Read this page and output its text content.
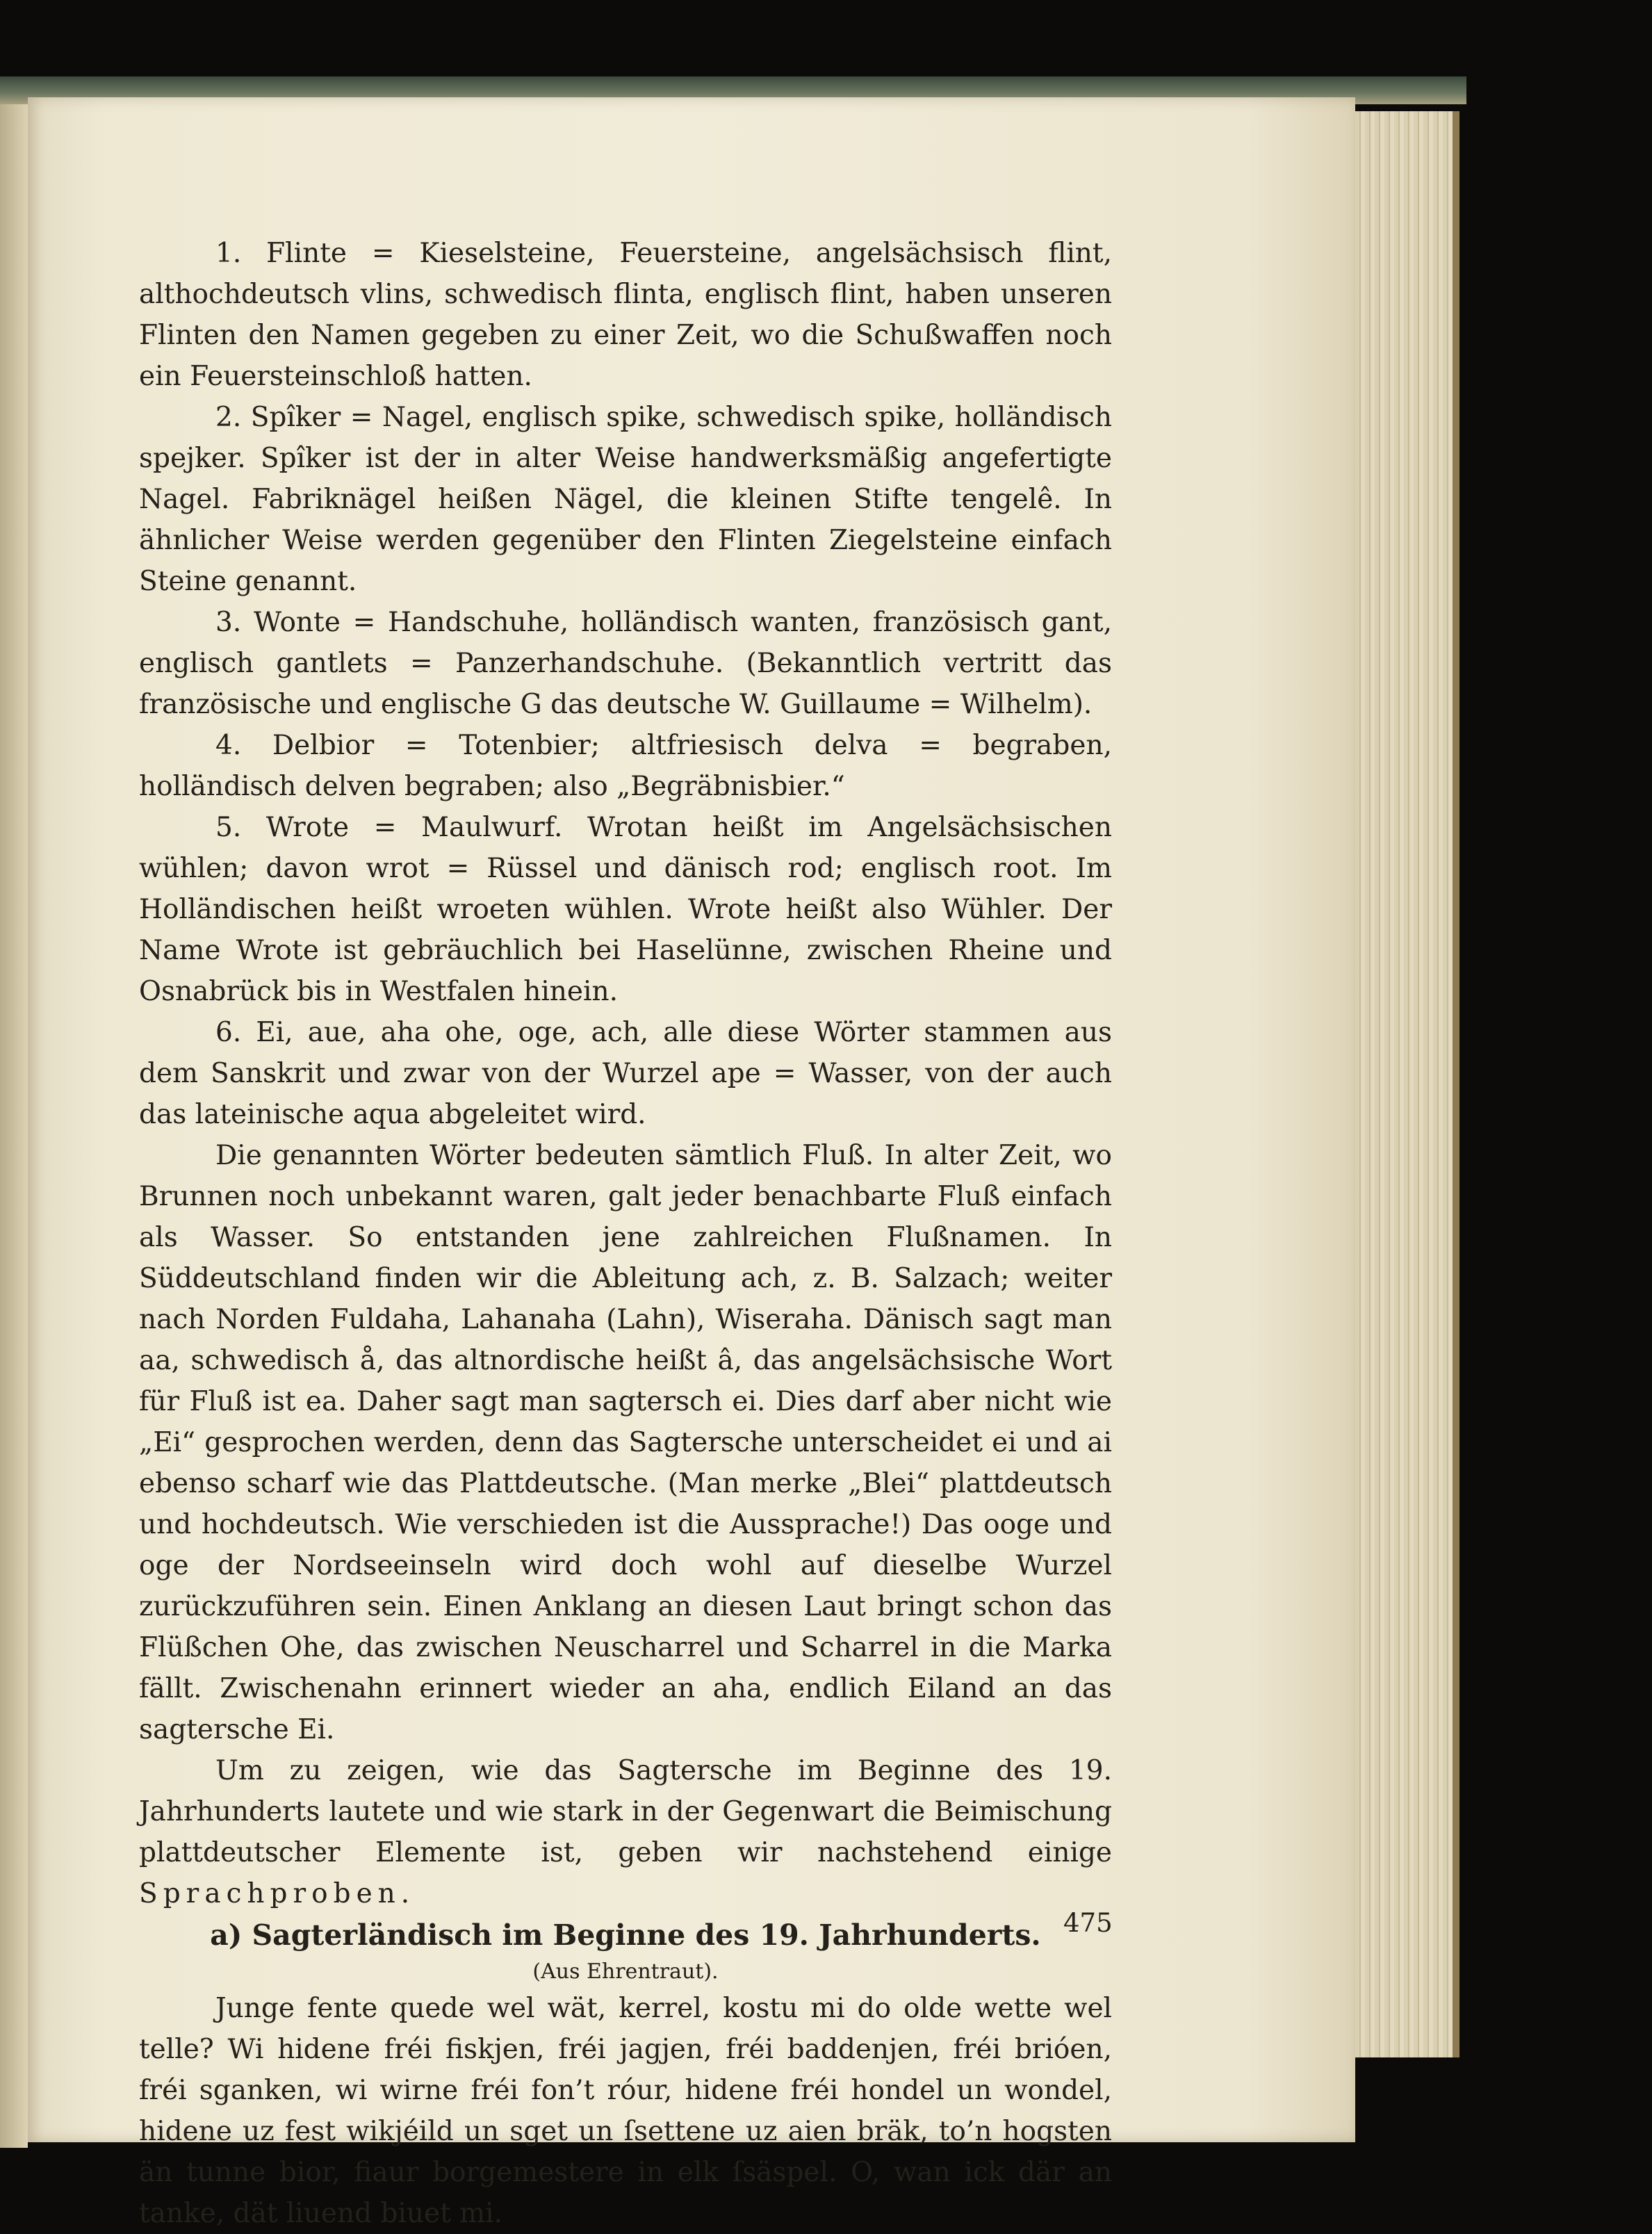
1. Flinte = Kieselsteine, Feuersteine, angelsächsisch flint, althochdeutsch vlins, schwedisch flinta, englisch flint, haben unseren Flinten den Namen gegeben zu einer Zeit, wo die Schußwaffen noch ein Feuersteinschloß hatten.

2. Spîker = Nagel, englisch spike, schwedisch spike, holländisch spejker. Spîker ist der in alter Weise handwerksmäßig angefertigte Nagel. Fabriknägel heißen Nägel, die kleinen Stifte tengelê. In ähnlicher Weise werden gegenüber den Flinten Ziegelsteine einfach Steine genannt.

3. Wonte = Handschuhe, holländisch wanten, französisch gant, englisch gantlets = Panzerhandschuhe. (Bekanntlich vertritt das französische und englische G das deutsche W. Guillaume = Wilhelm).

4. Delbior = Totenbier; altfriesisch delva = begraben, holländisch delven begraben; also „Begräbnisbier.“

5. Wrote = Maulwurf. Wrotan heißt im Angelsächsischen wühlen; davon wrot = Rüssel und dänisch rod; englisch root. Im Holländischen heißt wroeten wühlen. Wrote heißt also Wühler. Der Name Wrote ist gebräuchlich bei Haselünne, zwischen Rheine und Osnabrück bis in Westfalen hinein.

6. Ei, aue, aha ohe, oge, ach, alle diese Wörter stammen aus dem Sanskrit und zwar von der Wurzel ape = Wasser, von der auch das lateinische aqua abgeleitet wird.

Die genannten Wörter bedeuten sämtlich Fluß. In alter Zeit, wo Brunnen noch unbekannt waren, galt jeder benachbarte Fluß einfach als Wasser. So entstanden jene zahlreichen Flußnamen. In Süddeutschland finden wir die Ableitung ach, z. B. Salzach; weiter nach Norden Fuldaha, Lahanaha (Lahn), Wiseraha. Dänisch sagt man aa, schwedisch å, das altnordische heißt â, das angelsächsische Wort für Fluß ist ea. Daher sagt man sagtersch ei. Dies darf aber nicht wie „Ei“ gesprochen werden, denn das Sagtersche unterscheidet ei und ai ebenso scharf wie das Plattdeutsche. (Man merke „Blei“ plattdeutsch und hochdeutsch. Wie verschieden ist die Aussprache!) Das ooge und oge der Nordseeinseln wird doch wohl auf dieselbe Wurzel zurückzuführen sein. Einen Anklang an diesen Laut bringt schon das Flüßchen Ohe, das zwischen Neuscharrel und Scharrel in die Marka fällt. Zwischenahn erinnert wieder an aha, endlich Eiland an das sagtersche Ei.

Um zu zeigen, wie das Sagtersche im Beginne des 19. Jahrhunderts lautete und wie stark in der Gegenwart die Beimischung plattdeutscher Elemente ist, geben wir nachstehend einige Sprachproben.

a) Sagterländisch im Beginne des 19. Jahrhunderts.

(Aus Ehrentraut).

Junge fente quede wel wät, kerrel, kostu mi do olde wette wel telle? Wi hidene fréi fiskjen, fréi jagjen, fréi baddenjen, fréi brióen, fréi sganken, wi wirne fréi fon’t róur, hidene fréi hondel un wondel, hidene uz fest wikjéild un sget un ſsettene uz aien bräk, to’n hogsten än tunne bior, fiaur borgemestere in elk ſsäspel. O, wan ick där an tanke, dät liuend biuet mi.

475
